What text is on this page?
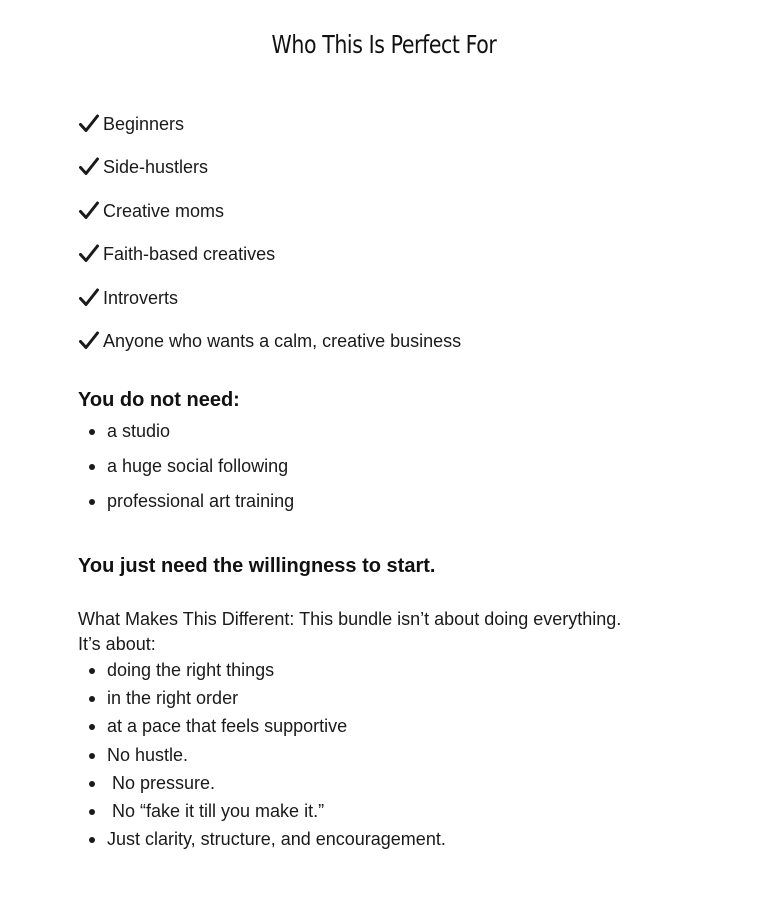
Who This Is Perfect For
Beginners
Side-hustlers
Creative moms
Faith-based creatives
Introverts
Anyone who wants a calm, creative business
You do not need:
a studio
a huge social following
professional art training
You just need the willingness to start.

What Makes This Different: This bundle isn’t about doing everything.
It’s about:

doing the right things
in the right order
at a pace that feels supportive
No hustle.
No pressure.
No “fake it till you make it.”
Just clarity, structure, and encouragement.
